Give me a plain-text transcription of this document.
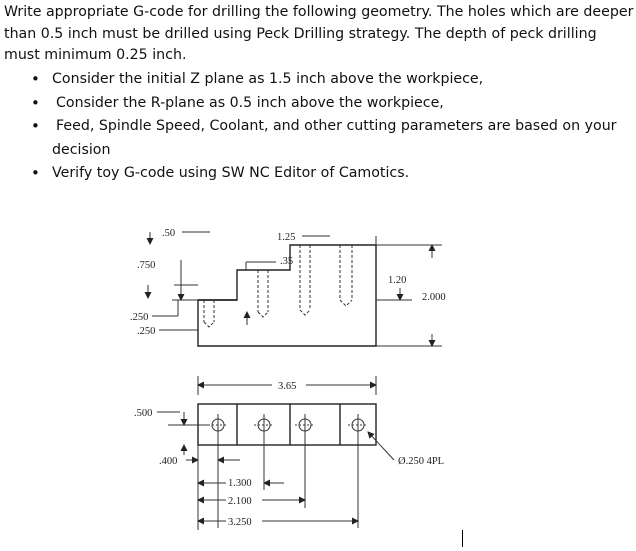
Write appropriate G-code for drilling the following geometry. The holes which are deeper than 0.5 inch must be drilled using Peck Drilling strategy. The depth of peck drilling must minimum 0.25 inch.
• Consider the initial Z plane as 1.5 inch above the workpiece,
• Consider the R-plane as 0.5 inch above the workpiece,
• Feed, Spindle Speed, Coolant, and other cutting parameters are based on your
decision
• Verify toy G-code using SW NC Editor of Camotics.
.50	1.25
.35
.750
1.20
2.000
.250
.250
3.65
.500
.400
1.300
2.100
3.250
Ø.250 4PL
